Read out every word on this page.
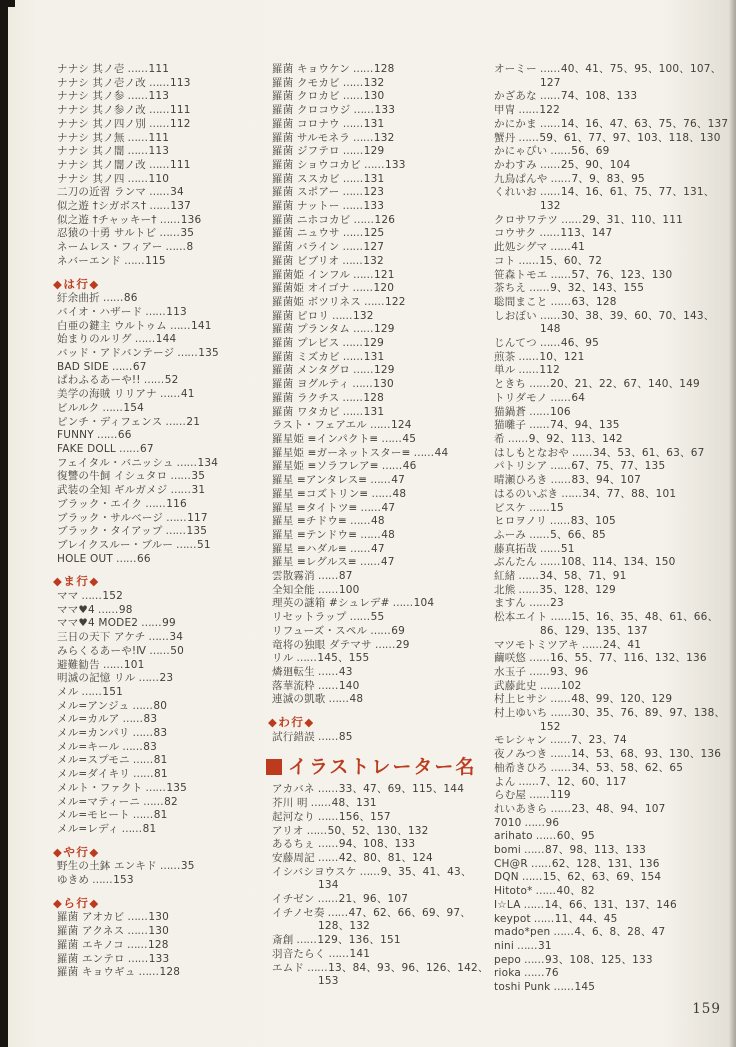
ナナシ 其ノ壱 ……111
ナナシ 其ノ壱ノ改 ……113
ナナシ 其ノ参 ……113
ナナシ 其ノ参ノ改 ……111
ナナシ 其ノ四ノ別 ……112
ナナシ 其ノ無 ……111
ナナシ 其ノ闇 ……113
ナナシ 其ノ闇ノ改 ……111
ナナシ 其ノ四 ……110
二刀の近習 ランマ ……34
似之遊 †シガボス† ……137
似之遊 †チャッキー† ……136
忍猿の十勇 サルトビ ……35
ネームレス・フィアー ……8
ネバーエンド ……115
◆は行◆
紆余曲折 ……86
バイオ・ハザード ……113
白亜の鍵主 ウルトゥム ……141
始まりのルリグ ……144
バッド・アドバンテージ ……135
BAD SIDE ……67
ぱわふるあーや!! ……52
美学の海賊 リリアナ ……41
ビルルク ……154
ピンチ・ディフェンス ……21
FUNNY ……66
FAKE DOLL ……67
フェイタル・バニッシュ ……134
復讐の牛飼 イシュタロ ……35
武装の全知 ギルガメジ ……31
ブラック・エイク ……116
ブラック・サルベージ ……117
ブラック・タイアップ ……135
ブレイクスルー・ブルー ……51
HOLE OUT ……66
◆ま行◆
ママ ……152
ママ♥4 ……98
ママ♥4 MODE2 ……99
三日の天下 アケチ ……34
みらくるあーや!Ⅳ ……50
避難勧告 ……101
明滅の記憶 リル ……23
メル ……151
メル=アンジュ ……80
メル=カルア ……83
メル=カンパリ ……83
メル=キール ……83
メル=スプモニ ……81
メル=ダイキリ ……81
メルト・ファクト ……135
メル=マティーニ ……82
メル=モヒート ……81
メル=レディ ……81
◆や行◆
野生の土鉢 エンキド ……35
ゆきめ ……153
◆ら行◆
羅菌 アオカビ ……130
羅菌 アクネス ……130
羅菌 エキノコ ……128
羅菌 エンテロ ……133
羅菌 キョウギュ ……128
羅菌 キョウケン ……128
羅菌 クモカビ ……132
羅菌 クロカビ ……130
羅菌 クロコウジ ……133
羅菌 コロナウ ……131
羅菌 サルモネラ ……132
羅菌 ジフテロ ……129
羅菌 ショウコカビ ……133
羅菌 ススカビ ……131
羅菌 スポアー ……123
羅菌 ナットー ……133
羅菌 ニホコカビ ……126
羅菌 ニュウサ ……125
羅菌 バライン ……127
羅菌 ビブリオ ……132
羅菌姫 インフル ……121
羅菌姫 オイゴナ ……120
羅菌姫 ボツリネス ……122
羅菌 ピロリ ……132
羅菌 プランタム ……129
羅菌 プレビス ……129
羅菌 ミズカビ ……131
羅菌 メンタグロ ……129
羅菌 ヨグルティ ……130
羅菌 ラクチス ……128
羅菌 ワタカビ ……131
ラスト・フェアエル ……124
羅星姫 ≡インパクト≡ ……45
羅星姫 ≡ガーネットスター≡ ……44
羅星姫 ≡ソラフレア≡ ……46
羅星 ≡アンタレス≡ ……47
羅星 ≡コズトリン≡ ……48
羅星 ≡タイトツ≡ ……47
羅星 ≡チドウ≡ ……48
羅星 ≡テンドウ≡ ……48
羅星 ≡ハダル≡ ……47
羅星 ≡レグルス≡ ……47
雲散霧消 ……87
全知全能 ……100
理英の謎箱 #シュレデ# ……104
リセットラップ ……55
リフューズ・スペル ……69
竜将の独眼 ダテマサ ……29
リル ……145、155
燐廻転生 ……43
落華流粋 ……140
連滅の凱歌 ……48
◆わ行◆
試行錯誤 ……85
イラストレーター名
アカバネ ……33、47、69、115、144
芥川 明 ……48、131
起河なり ……156、157
アリオ ……50、52、130、132
あるちぇ ……94、108、133
安藤周記 ……42、80、81、124
イシバシヨウスケ ……9、35、41、43、134
イチゼン ……21、96、107
イチノセ奏 ……47、62、66、69、97、128、132
斎創 ……129、136、151
羽音たらく ……141
エムド ……13、84、93、96、126、142、153
オーミー ……40、41、75、95、100、107、127
かざあな ……74、108、133
甲冑 ……122
かにかま ……14、16、47、63、75、76、137
蟹丹 ……59、61、77、97、103、118、130
かにゃぴい ……56、69
かわすみ ……25、90、104
九鳥ぱんや ……7、9、83、95
くれいお ……14、16、61、75、77、131、132
クロサワテツ ……29、31、110、111
コウサク ……113、147
此処シグマ ……41
コト ……15、60、72
笹森トモエ ……57、76、123、130
茶ちえ ……9、32、143、155
聡間まこと ……63、128
しおぼい ……30、38、39、60、70、143、148
じんてつ ……46、95
煎茶 ……10、121
単ル ……112
ときち ……20、21、22、67、140、149
トリダモノ ……64
猫鍋蒼 ……106
猫囃子 ……74、94、135
希 ……9、92、113、142
はしもとなおや ……34、53、61、63、67
パトリシア ……67、75、77、135
晴瀬ひろき ……83、94、107
はるのいぶき ……34、77、88、101
ビスケ ……15
ヒロヲノリ ……83、105
ふーみ ……5、66、85
藤真拓哉 ……51
ぶんたん ……108、114、134、150
紅緒 ……34、58、71、91
北熊 ……35、128、129
ますん ……23
松本エイト ……15、16、35、48、61、66、86、129、135、137
マツモトミツアキ ……24、41
繭咲悠 ……16、55、77、116、132、136
水玉子 ……93、96
武藤此史 ……102
村上ヒサシ ……48、99、120、129
村上ゆいち ……30、35、76、89、97、138、152
モレシャン ……7、23、74
夜ノみつき ……14、53、68、93、130、136
柚希きひろ ……34、53、58、62、65
よん ……7、12、60、117
らむ屋 ……119
れいあきら ……23、48、94、107
7010 ……96
arihato ……60、95
bomi ……87、98、113、133
CH@R ……62、128、131、136
DQN ……15、62、63、69、154
Hitoto* ……40、82
I☆LA ……14、66、131、137、146
keypot ……11、44、45
mado*pen ……4、6、8、28、47
nini ……31
pepo ……93、108、125、133
rioka ……76
toshi Punk ……145
159
